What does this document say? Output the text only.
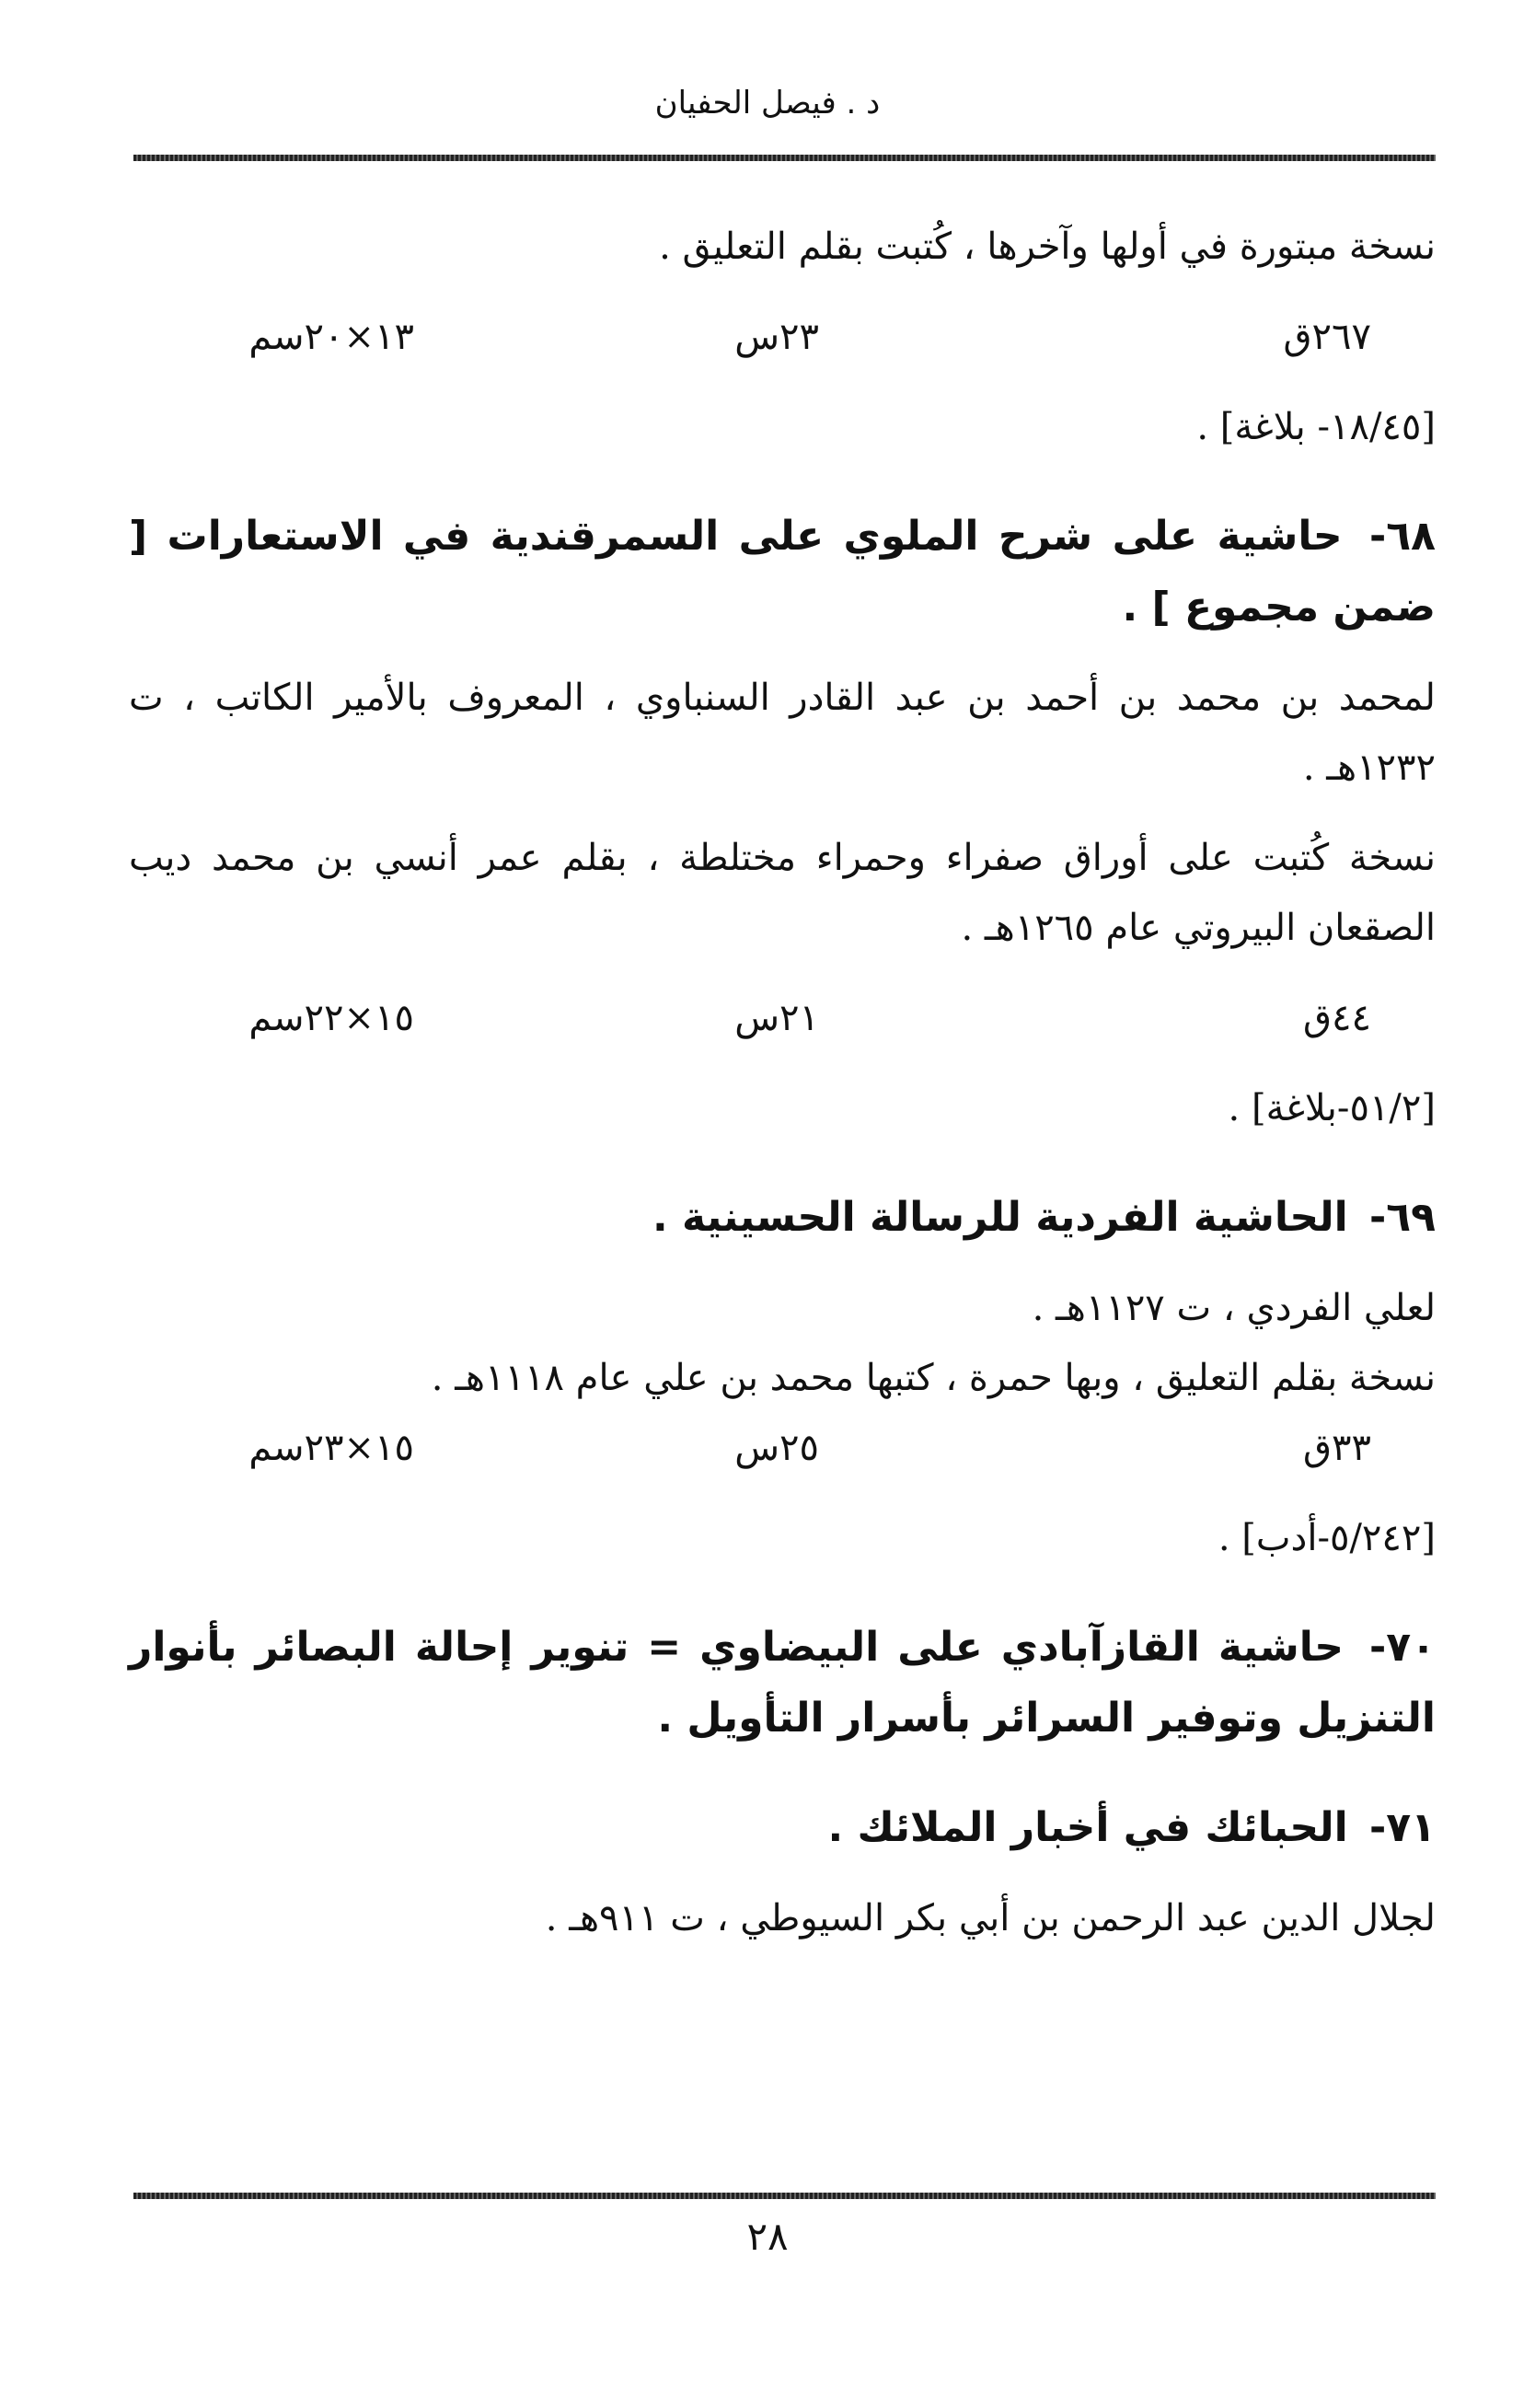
د . فيصل الحفيان

نسخة مبتورة في أولها وآخرها ، كُتبت بقلم التعليق .

٢٦٧ق
٢٣س
١٣×٢٠سم

[١٨/٤٥- بلاغة] .

٦٨- حاشية على شرح الملوي على السمرقندية في الاستعارات [ ضمن مجموع ] .

لمحمد بن محمد بن أحمد بن عبد القادر السنباوي ، المعروف بالأمير الكاتب ، ت ١٢٣٢هـ .

نسخة كُتبت على أوراق صفراء وحمراء مختلطة ، بقلم عمر أنسي بن محمد ديب الصقعان البيروتي عام ١٢٦٥هـ .

٤٤ق
٢١س
١٥×٢٢سم

[٥١/٢-بلاغة] .

٦٩- الحاشية الفردية للرسالة الحسينية .

لعلي الفردي ، ت ١١٢٧هـ .

نسخة بقلم التعليق ، وبها حمرة ، كتبها محمد بن علي عام ١١١٨هـ .

٣٣ق
٢٥س
١٥×٢٣سم

[٥/٢٤٢-أدب] .

٧٠- حاشية القازآبادي على البيضاوي = تنوير إحالة البصائر بأنوار التنزيل وتوفير السرائر بأسرار التأويل .

٧١- الحبائك في أخبار الملائك .

لجلال الدين عبد الرحمن بن أبي بكر السيوطي ، ت ٩١١هـ .

٢٨
